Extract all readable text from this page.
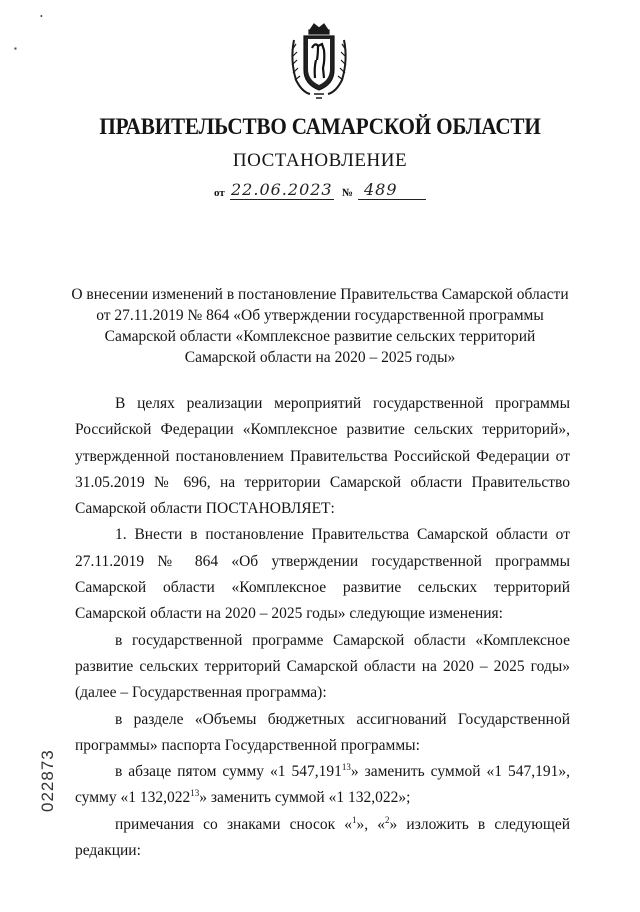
•
▪
ПРАВИТЕЛЬСТВО САМАРСКОЙ ОБЛАСТИ
ПОСТАНОВЛЕНИЕ
от 22.06.2023 № 489
О внесении изменений в постановление Правительства Самарской области
от 27.11.2019 № 864 «Об утверждении государственной программы
Самарской области «Комплексное развитие сельских территорий
Самарской области на 2020 – 2025 годы»

В целях реализации мероприятий государственной программы Российской Федерации «Комплексное развитие сельских территорий», утвержденной постановлением Правительства Российской Федерации от 31.05.2019 № 696, на территории Самарской области Правительство Самарской области ПОСТАНОВЛЯЕТ:

1. Внести в постановление Правительства Самарской области от 27.11.2019 № 864 «Об утверждении государственной программы Самарской области «Комплексное развитие сельских территорий Самарской области на 2020 – 2025 годы» следующие изменения:

в государственной программе Самарской области «Комплексное развитие сельских территорий Самарской области на 2020 – 2025 годы» (далее – Государственная программа):

в разделе «Объемы бюджетных ассигнований Государственной программы» паспорта Государственной программы:

в абзаце пятом сумму «1 547,191$^{13}$» заменить суммой «1 547,191», сумму «1 132,022$^{13}$» заменить суммой «1 132,022»;

примечания со знаками сносок «$^1$», «$^2$» изложить в следующей редакции:

022873
